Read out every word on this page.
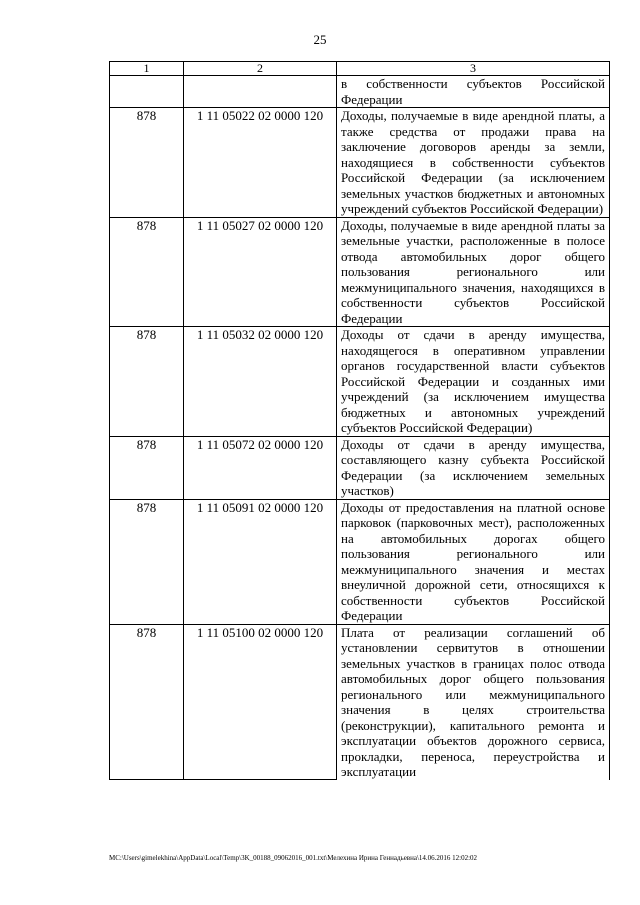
25
1	2	3
		в собственности субъектов Российской Федерации
878	1 11 05022 02 0000 120	Доходы, получаемые в виде арендной платы, а также средства от продажи права на заключение договоров аренды за земли, находящиеся в собственности субъектов Российской Федерации (за исключением земельных участков бюджетных и автономных учреждений субъектов Российской Федерации)
878	1 11 05027 02 0000 120	Доходы, получаемые в виде арендной платы за земельные участки, расположенные в полосе отвода автомобильных дорог общего пользования регионального или межмуниципального значения, находящихся в собственности субъектов Российской Федерации
878	1 11 05032 02 0000 120	Доходы от сдачи в аренду имущества, находящегося в оперативном управлении органов государственной власти субъектов Российской Федерации и созданных ими учреждений (за исключением имущества бюджетных и автономных учреждений субъектов Российской Федерации)
878	1 11 05072 02 0000 120	Доходы от сдачи в аренду имущества, составляющего казну субъекта Российской Федерации (за исключением земельных участков)
878	1 11 05091 02 0000 120	Доходы от предоставления на платной основе парковок (парковочных мест), расположенных на автомобильных дорогах общего пользования регионального или межмуниципального значения и местах внеуличной дорожной сети, относящихся к собственности субъектов Российской Федерации
878	1 11 05100 02 0000 120	Плата от реализации соглашений об установлении сервитутов в отношении земельных участков в границах полос отвода автомобильных дорог общего пользования регионального или межмуниципального значения в целях строительства (реконструкции), капитального ремонта и эксплуатации объектов дорожного сервиса, прокладки, переноса, переустройства и эксплуатации
MC:\Users\gimelekhina\AppData\Local\Temp\3K_00188_09062016_001.txt\Мелехина Ирина Геннадьевна\14.06.2016 12:02:02
